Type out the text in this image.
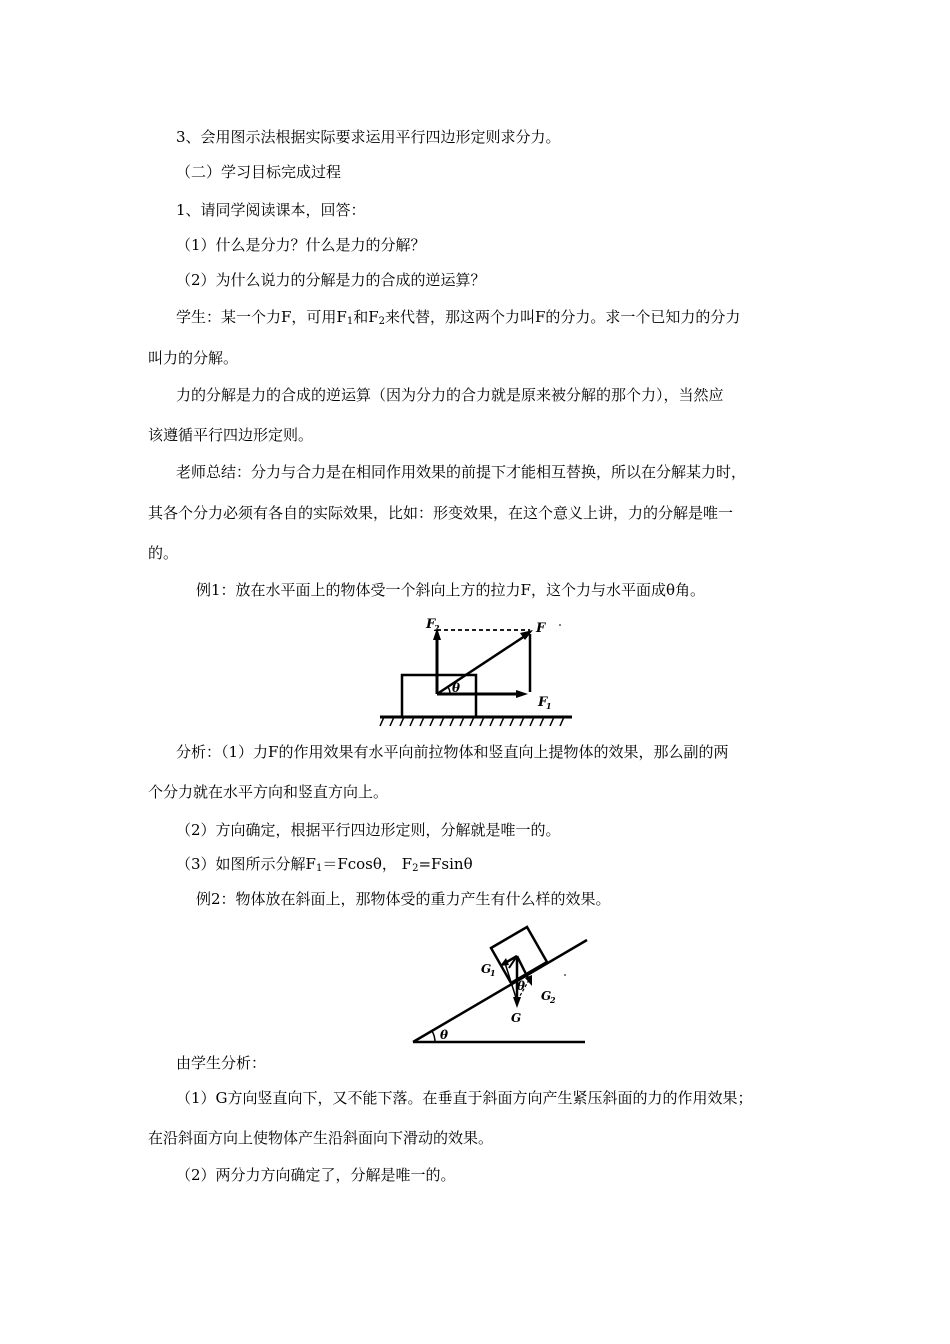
3、会用图示法根据实际要求运用平行四边形定则求分力。
（二）学习目标完成过程
1、请同学阅读课本，回答：
（1）什么是分力？什么是力的分解？
（2）为什么说力的分解是力的合成的逆运算？
学生：某一个力F，可用$F_1$和$F_2$来代替，那这两个力叫F的分力。求一个已知力的分力
叫力的分解。
力的分解是力的合成的逆运算（因为分力的合力就是原来被分解的那个力），当然应
该遵循平行四边形定则。
老师总结：分力与合力是在相同作用效果的前提下才能相互替换，所以在分解某力时，
其各个分力必须有各自的实际效果，比如：形变效果，在这个意义上讲，力的分解是唯一
的。
例1：放在水平面上的物体受一个斜向上方的拉力F，这个力与水平面成θ角。
θ
F
2	F
F
1
分析：（1）力F的作用效果有水平向前拉物体和竖直向上提物体的效果，那么副的两
个分力就在水平方向和竖直方向上。
（2）方向确定，根据平行四边形定则，分解就是唯一的。
（3）如图所示分解$F_1=Fcos\theta$， $F_2=Fsin\theta$
例2：物体放在斜面上，那物体受的重力产生有什么样的效果。
θ
θ
G
1
G
2
G
由学生分析：
（1）G方向竖直向下，又不能下落。在垂直于斜面方向产生紧压斜面的力的作用效果；
在沿斜面方向上使物体产生沿斜面向下滑动的效果。
（2）两分力方向确定了，分解是唯一的。
